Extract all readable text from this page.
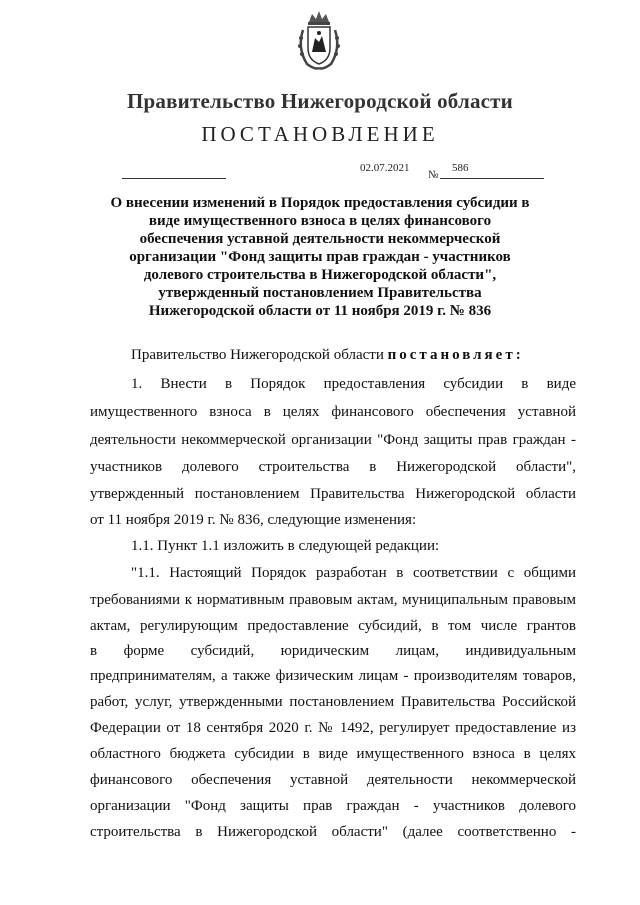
Правительство Нижегородской области
ПОСТАНОВЛЕНИЕ
02.07.2021
№
586
О внесении изменений в Порядок предоставления субсидии в
виде имущественного взноса в целях финансового
обеспечения уставной деятельности некоммерческой
организации "Фонд защиты прав граждан - участников
долевого строительства в Нижегородской области",
утвержденный постановлением Правительства
Нижегородской области от 11 ноября 2019 г. № 836
Правительство Нижегородской области постановляет:
1. Внести в Порядок предоставления субсидии в виде
имущественного взноса в целях финансового обеспечения уставной
деятельности некоммерческой организации "Фонд защиты прав граждан -
участников долевого строительства в Нижегородской области",
утвержденный постановлением Правительства Нижегородской области
от 11 ноября 2019 г. № 836, следующие изменения:
1.1. Пункт 1.1 изложить в следующей редакции:
"1.1. Настоящий Порядок разработан в соответствии с общими
требованиями к нормативным правовым актам, муниципальным правовым
актам, регулирующим предоставление субсидий, в том числе грантов
в форме субсидий, юридическим лицам, индивидуальным
предпринимателям, а также физическим лицам - производителям товаров,
работ, услуг, утвержденными постановлением Правительства Российской
Федерации от 18 сентября 2020 г. № 1492, регулирует предоставление из
областного бюджета субсидии в виде имущественного взноса в целях
финансового обеспечения уставной деятельности некоммерческой
организации "Фонд защиты прав граждан - участников долевого
строительства в Нижегородской области" (далее соответственно -
